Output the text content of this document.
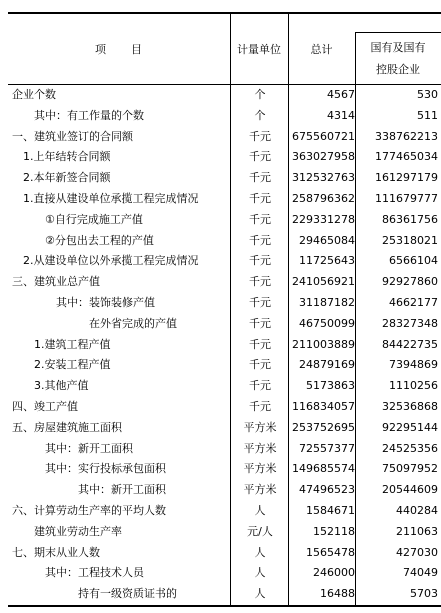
项　　目	计量单位	总计	国有及国有
控股企业
企业个数	个	4567	530
其中：有工作量的个数	个	4314	511
一、建筑业签订的合同额	千元	675560721	338762213
1.上年结转合同额	千元	363027958	177465034
2.本年新签合同额	千元	312532763	161297179
1.直接从建设单位承揽工程完成情况	千元	258796362	111679777
①自行完成施工产值	千元	229331278	86361756
②分包出去工程的产值	千元	29465084	25318021
2.从建设单位以外承揽工程完成情况	千元	11725643	6566104
三、建筑业总产值	千元	241056921	92927860
其中：装饰装修产值	千元	31187182	4662177
在外省完成的产值	千元	46750099	28327348
1.建筑工程产值	千元	211003889	84422735
2.安装工程产值	千元	24879169	7394869
3.其他产值	千元	5173863	1110256
四、竣工产值	千元	116834057	32536868
五、房屋建筑施工面积	平方米	253752695	92295144
其中：新开工面积	平方米	72557377	24525356
其中：实行投标承包面积	平方米	149685574	75097952
其中：新开工面积	平方米	47496523	20544609
六、计算劳动生产率的平均人数	人	1584671	440284
建筑业劳动生产率	元/人	152118	211063
七、期末从业人数	人	1565478	427030
其中：工程技术人员	人	246000	74049
持有一级资质证书的	人	16488	5703
